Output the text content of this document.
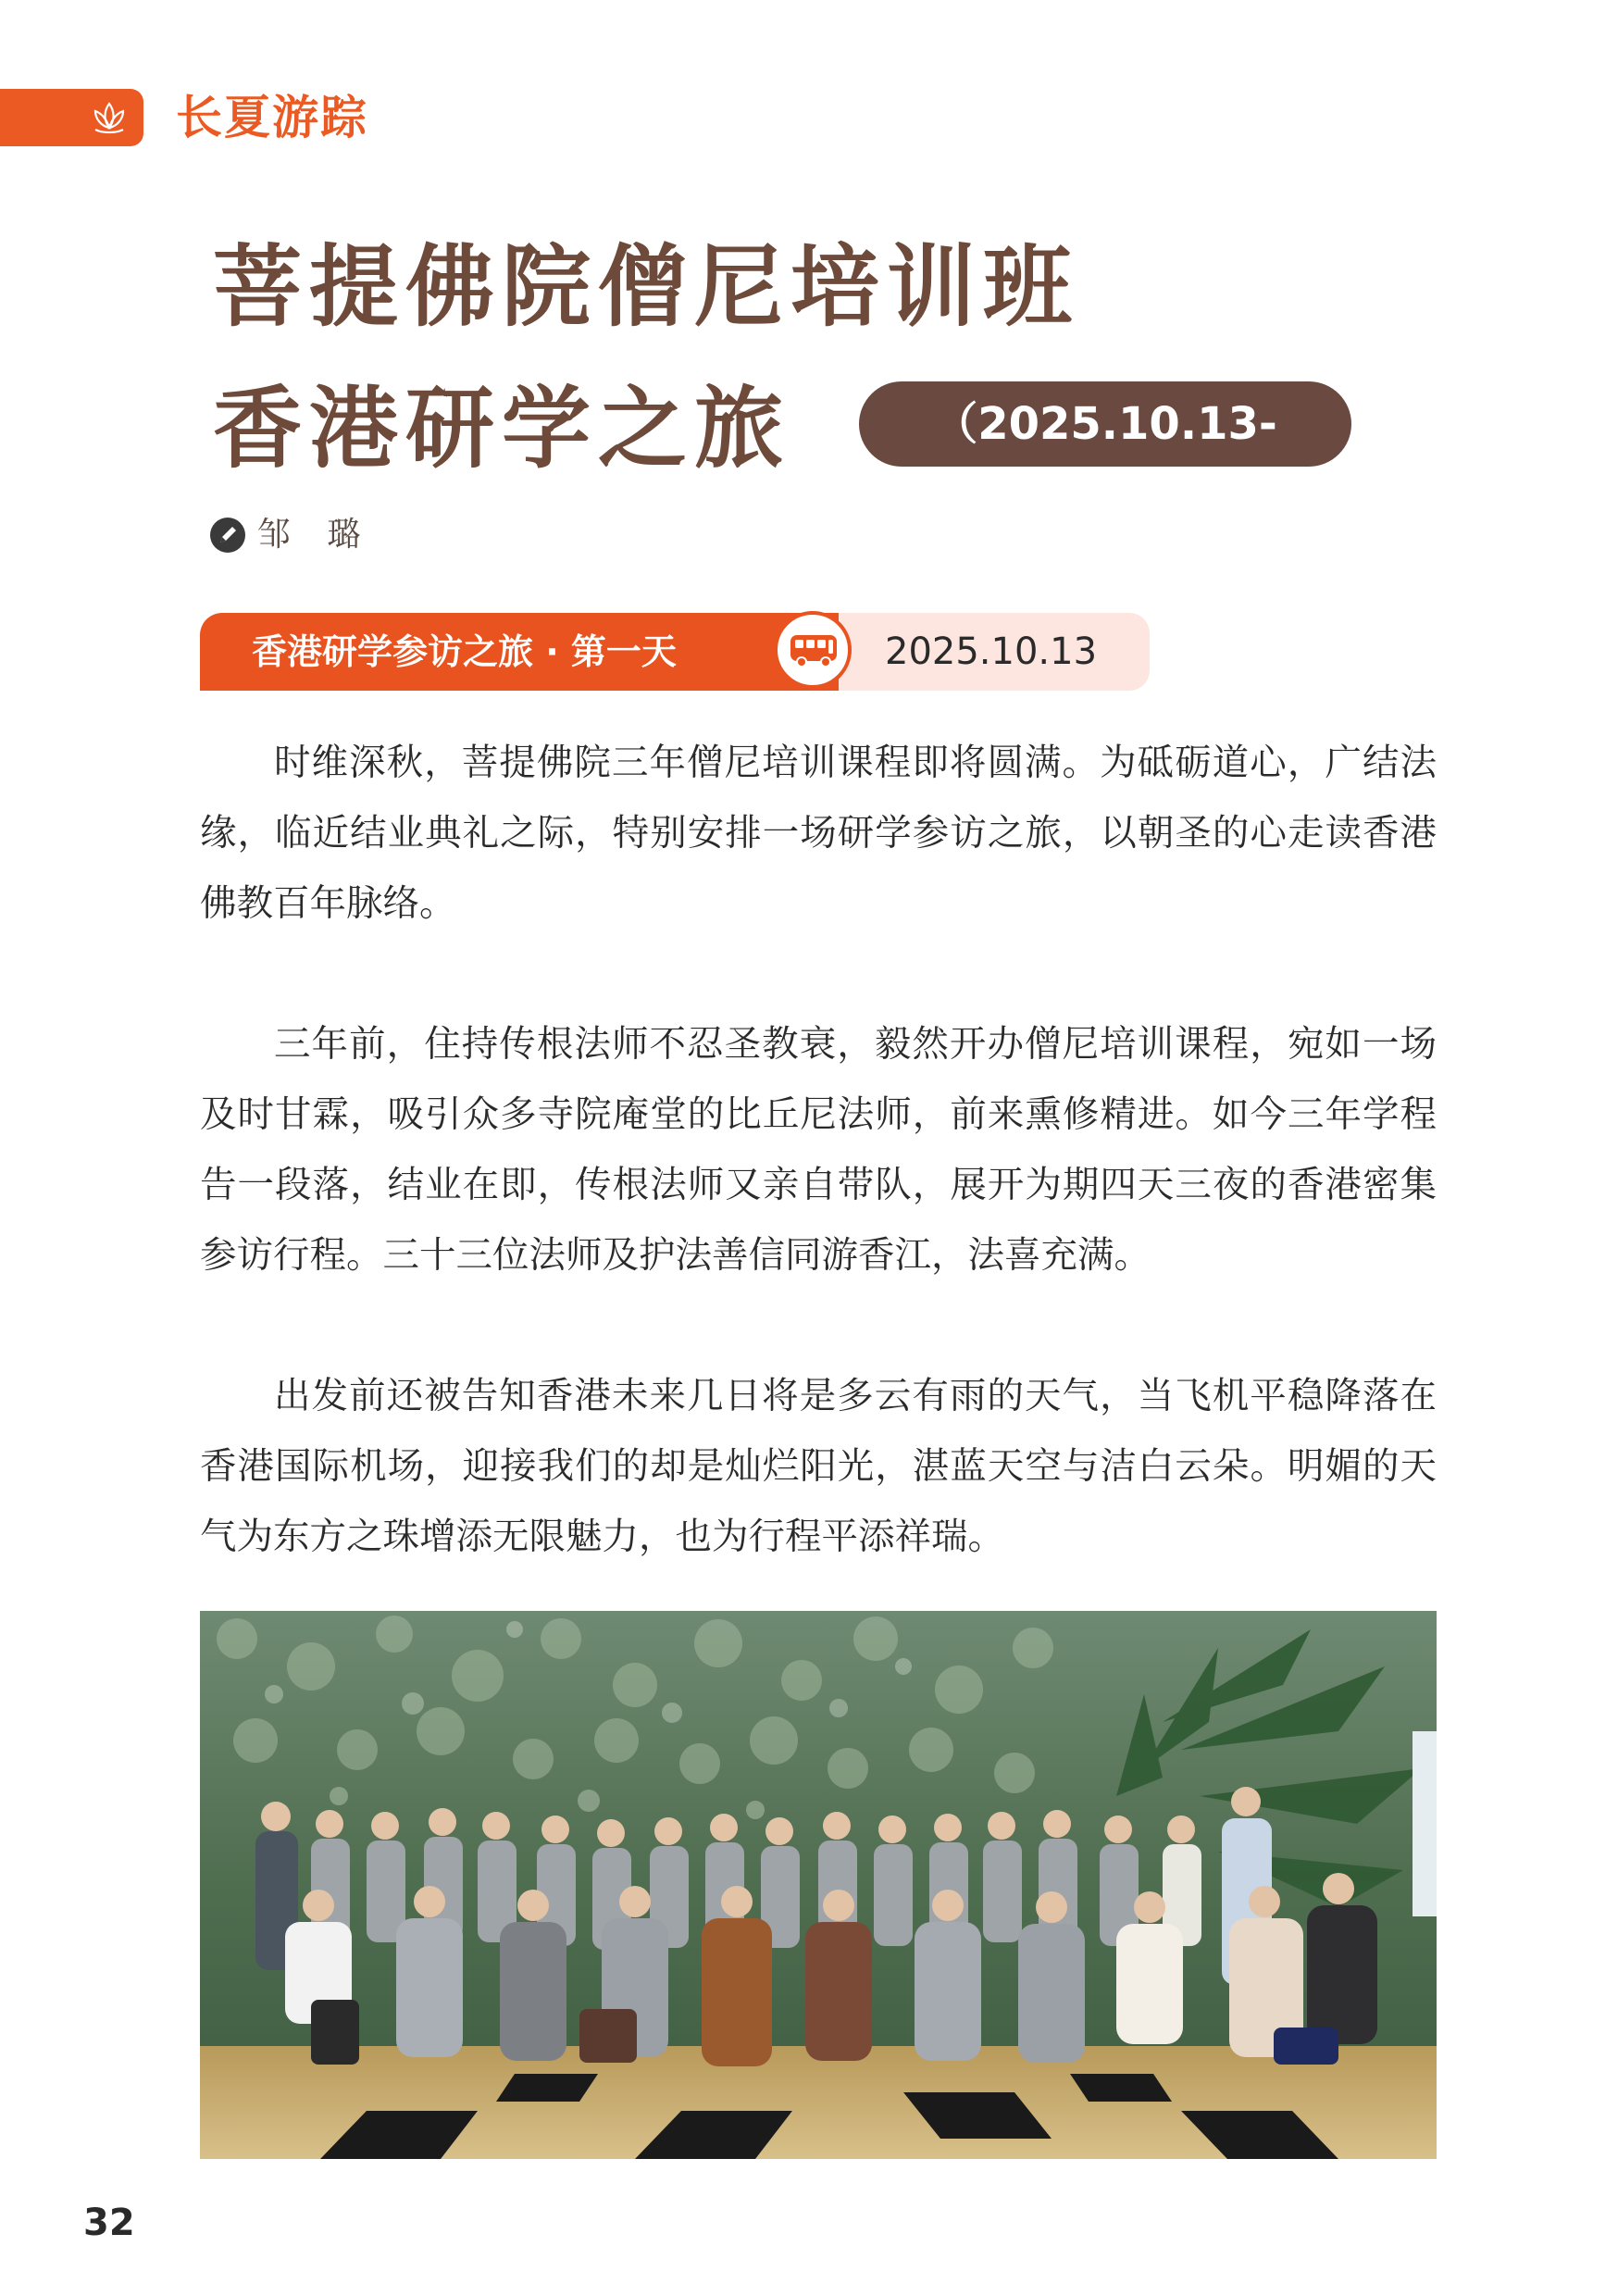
长夏游踪
菩提佛院僧尼培训班
香港研学之旅	（2025.10.13-10.16）
邹 璐
香港研学参访之旅 · 第一天	2025.10.13

时维深秋，菩提佛院三年僧尼培训课程即将圆满。为砥砺道心，广结法缘，临近结业典礼之际，特别安排一场研学参访之旅，以朝圣的心走读香港佛教百年脉络。

三年前，住持传根法师不忍圣教衰，毅然开办僧尼培训课程，宛如一场及时甘霖，吸引众多寺院庵堂的比丘尼法师，前来熏修精进。如今三年学程告一段落，结业在即，传根法师又亲自带队，展开为期四天三夜的香港密集参访行程。三十三位法师及护法善信同游香江，法喜充满。

出发前还被告知香港未来几日将是多云有雨的天气，当飞机平稳降落在香港国际机场，迎接我们的却是灿烂阳光，湛蓝天空与洁白云朵。明媚的天气为东方之珠增添无限魅力，也为行程平添祥瑞。

32
